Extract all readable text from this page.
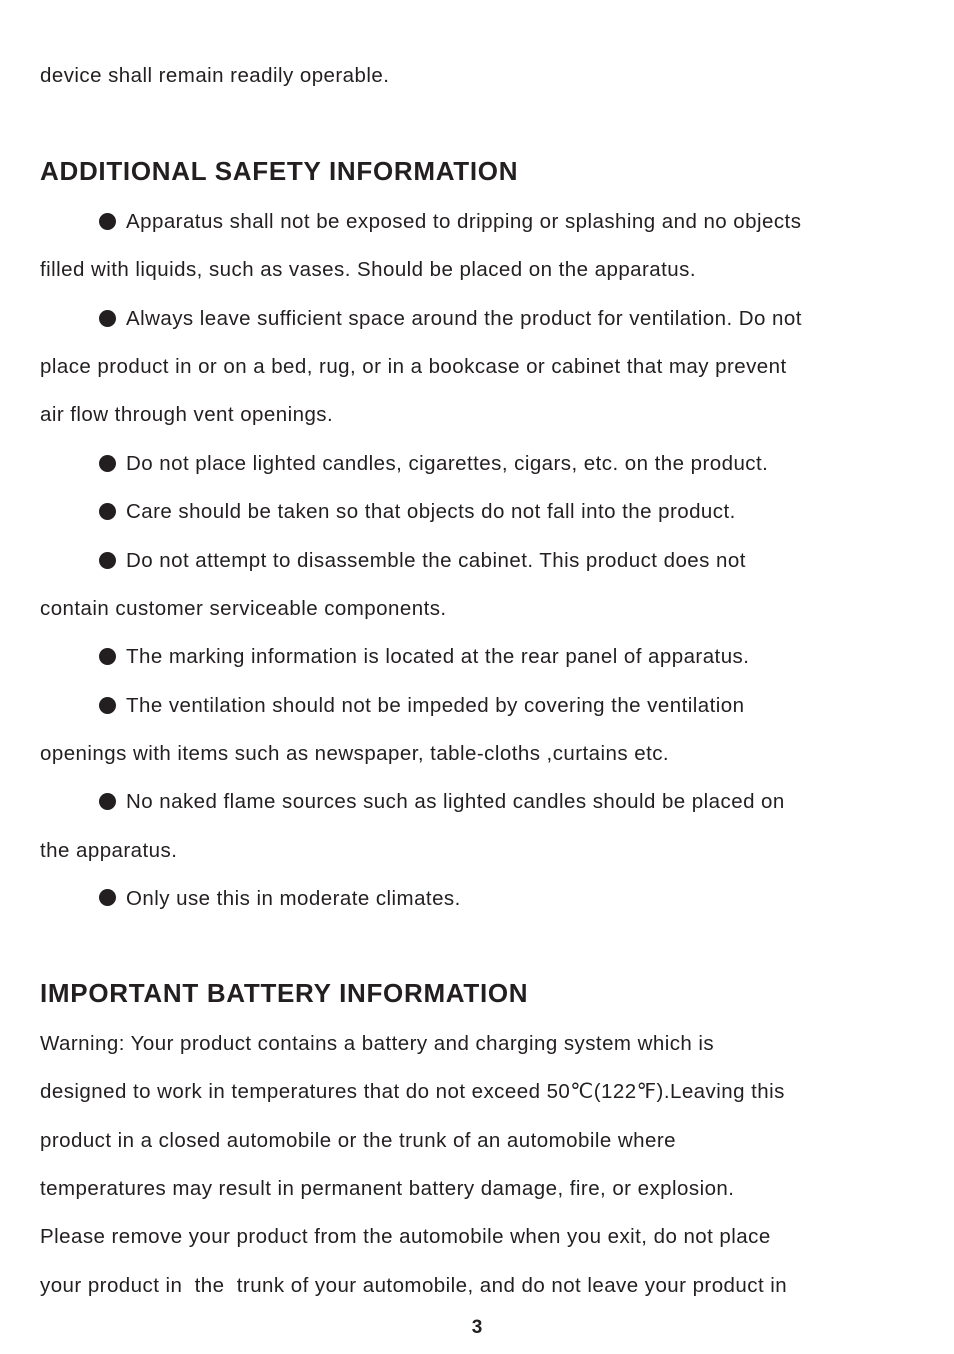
device shall remain readily operable.
ADDITIONAL SAFETY INFORMATION
Apparatus shall not be exposed to dripping or splashing and no objects
filled with liquids, such as vases. Should be placed on the apparatus.
Always leave sufficient space around the product for ventilation. Do not
place product in or on a bed, rug, or in a bookcase or cabinet that may prevent
air flow through vent openings.
Do not place lighted candles, cigarettes, cigars, etc. on the product.
Care should be taken so that objects do not fall into the product.
Do not attempt to disassemble the cabinet. This product does not
contain customer serviceable components.
The marking information is located at the rear panel of apparatus.
The ventilation should not be impeded by covering the ventilation
openings with items such as newspaper, table-cloths ,curtains etc.
No naked flame sources such as lighted candles should be placed on
the apparatus.
Only use this in moderate climates.
IMPORTANT BATTERY INFORMATION
Warning: Your product contains a battery and charging system which is
designed to work in temperatures that do not exceed 50℃(122℉).Leaving this
product in a closed automobile or the trunk of an automobile where
temperatures may result in permanent battery damage, fire, or explosion.
Please remove your product from the automobile when you exit, do not place
your product in  the  trunk of your automobile, and do not leave your product in
3
